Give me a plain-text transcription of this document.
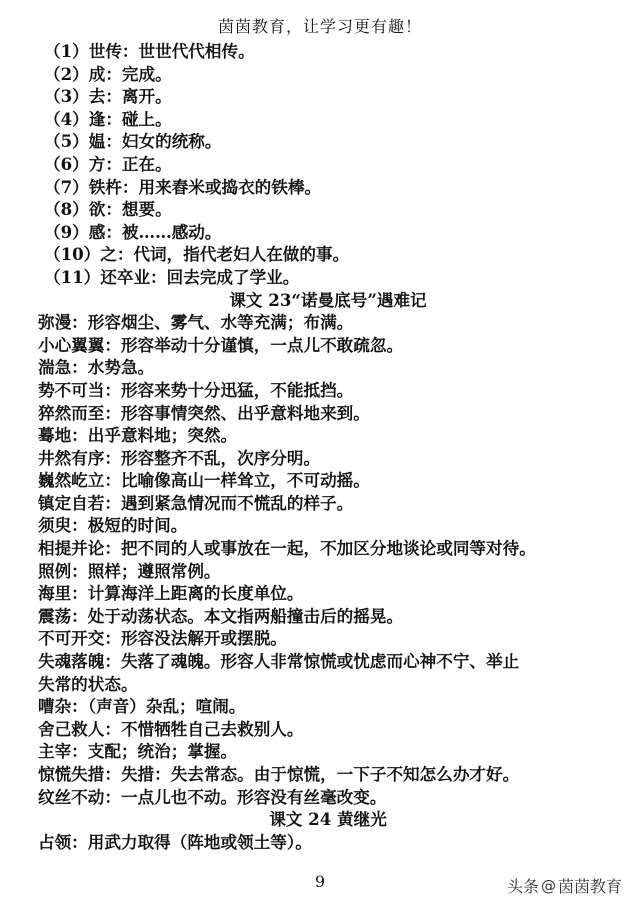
茵茵教育，让学习更有趣！
（1）世传：世世代代相传。
（2）成：完成。
（3）去：离开。
（4）逢：碰上。
（5）媪：妇女的统称。
（6）方：正在。
（7）铁杵：用来舂米或捣衣的铁棒。
（8）欲：想要。
（9）感：被……感动。
（10）之：代词，指代老妇人在做的事。
（11）还卒业：回去完成了学业。
课文 23“诺曼底号”遇难记
弥漫：形容烟尘、雾气、水等充满；布满。
小心翼翼：形容举动十分谨慎，一点儿不敢疏忽。
湍急：水势急。
势不可当：形容来势十分迅猛，不能抵挡。
猝然而至：形容事情突然、出乎意料地来到。
蓦地：出乎意料地；突然。
井然有序：形容整齐不乱，次序分明。
巍然屹立：比喻像高山一样耸立，不可动摇。
镇定自若：遇到紧急情况而不慌乱的样子。
须臾：极短的时间。
相提并论：把不同的人或事放在一起，不加区分地谈论或同等对待。
照例：照样；遵照常例。
海里：计算海洋上距离的长度单位。
震荡：处于动荡状态。本文指两船撞击后的摇晃。
不可开交：形容没法解开或摆脱。
失魂落魄：失落了魂魄。形容人非常惊慌或忧虑而心神不宁、举止
失常的状态。
嘈杂：（声音）杂乱；喧闹。
舍己救人：不惜牺牲自己去救别人。
主宰：支配；统治；掌握。
惊慌失措：失措：失去常态。由于惊慌，一下子不知怎么办才好。
纹丝不动：一点儿也不动。形容没有丝毫改变。
课文 24 黄继光
占领：用武力取得（阵地或领土等）。
9	头条 @ 茵茵教育
